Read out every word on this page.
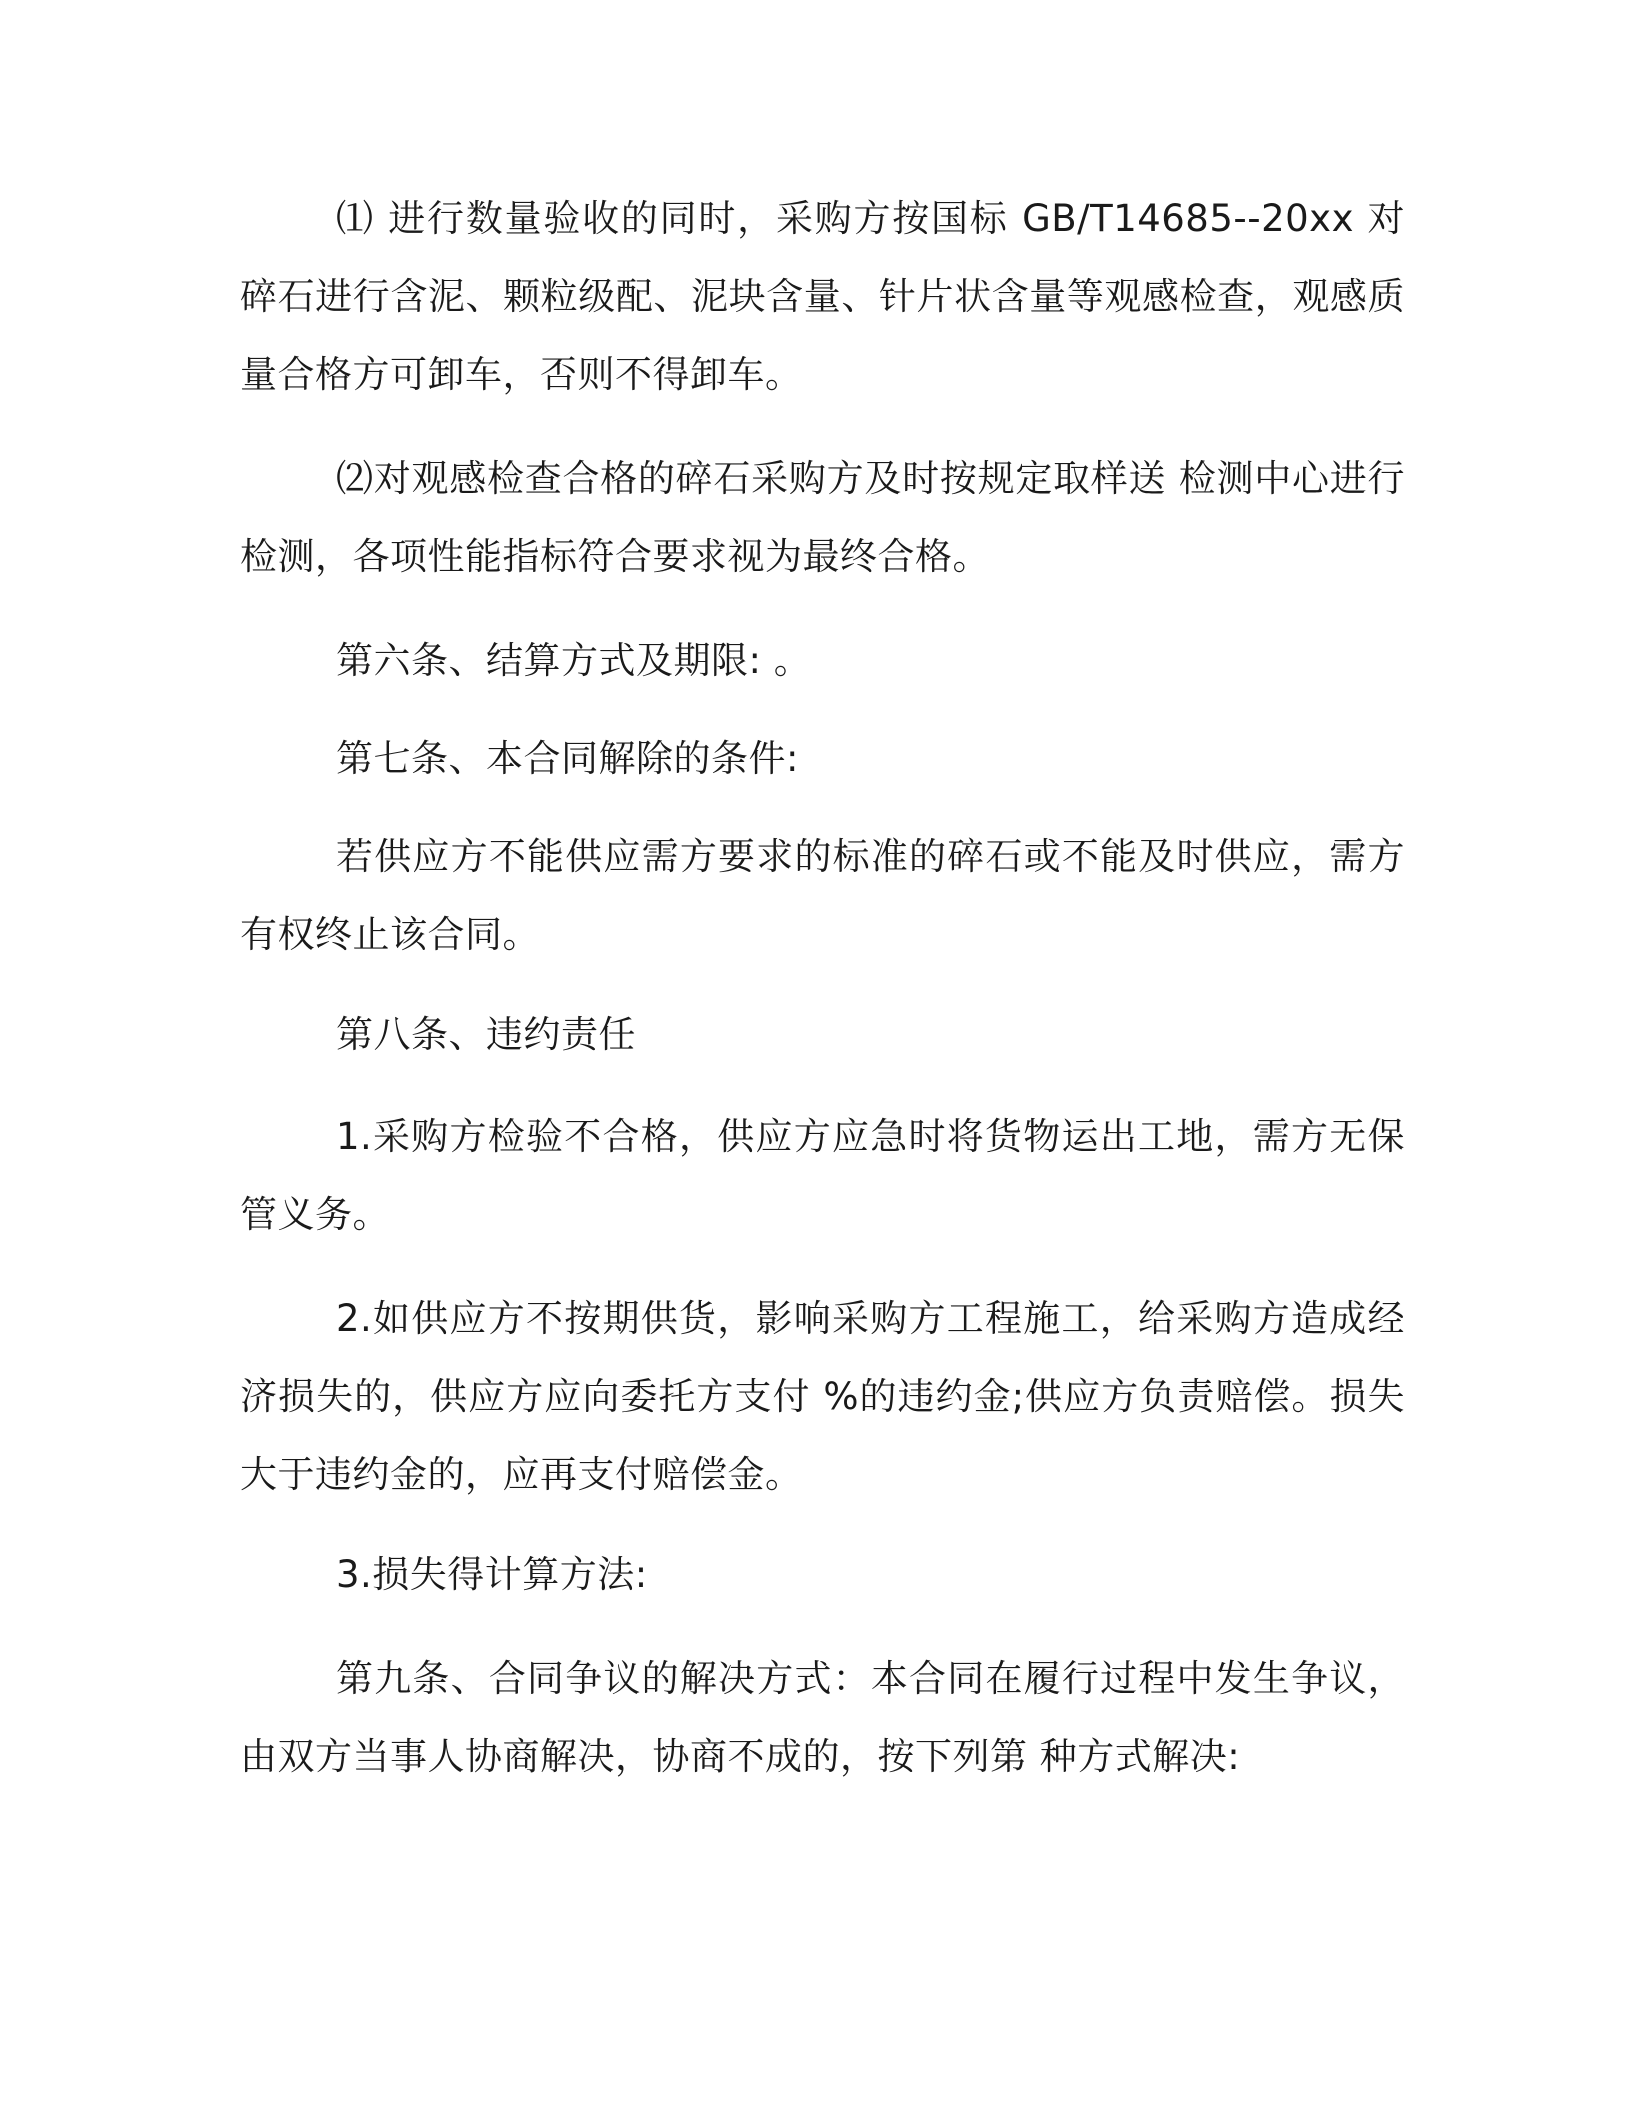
⑴ 进行数量验收的同时，采购方按国标 GB/T14685--20xx 对碎石进行含泥、颗粒级配、泥块含量、针片状含量等观感检查，观感质量合格方可卸车，否则不得卸车。

⑵对观感检查合格的碎石采购方及时按规定取样送 检测中心进行检测，各项性能指标符合要求视为最终合格。

第六条、结算方式及期限: 。

第七条、本合同解除的条件:

若供应方不能供应需方要求的标准的碎石或不能及时供应，需方有权终止该合同。

第八条、违约责任

1.采购方检验不合格，供应方应急时将货物运出工地，需方无保管义务。

2.如供应方不按期供货，影响采购方工程施工，给采购方造成经济损失的，供应方应向委托方支付 %的违约金;供应方负责赔偿。损失大于违约金的，应再支付赔偿金。

3.损失得计算方法:

第九条、合同争议的解决方式：本合同在履行过程中发生争议，由双方当事人协商解决，协商不成的，按下列第 种方式解决:
